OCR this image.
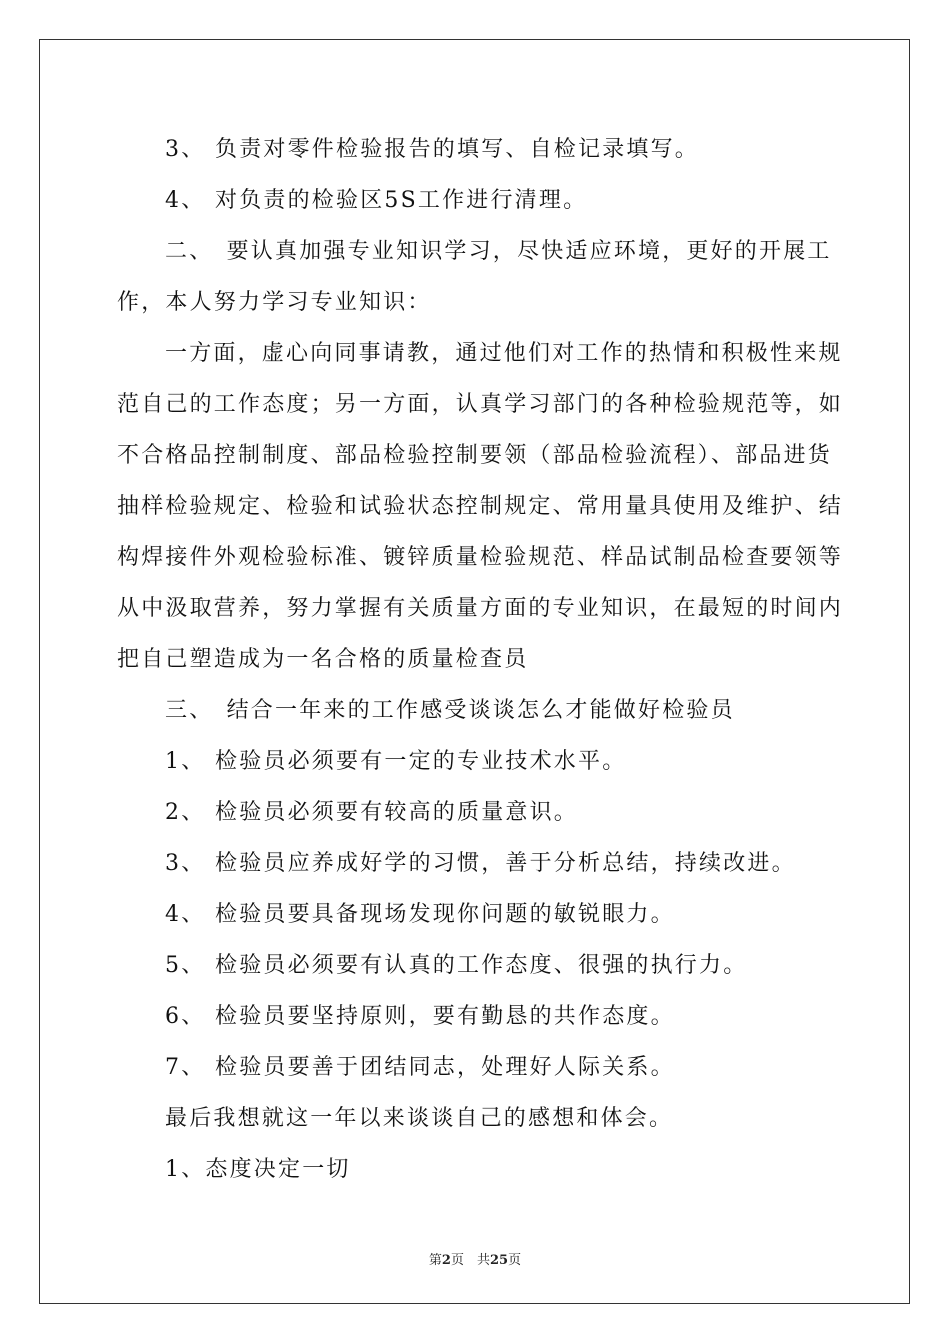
3、 负责对零件检验报告的填写、自检记录填写。
4、 对负责的检验区5S工作进行清理。
二、　要认真加强专业知识学习，尽快适应环境，更好的开展工
作，本人努力学习专业知识：
一方面，虚心向同事请教，通过他们对工作的热情和积极性来规
范自己的工作态度；另一方面，认真学习部门的各种检验规范等，如
不合格品控制制度、部品检验控制要领（部品检验流程）、部品进货
抽样检验规定、检验和试验状态控制规定、常用量具使用及维护、结
构焊接件外观检验标准、镀锌质量检验规范、样品试制品检查要领等
从中汲取营养，努力掌握有关质量方面的专业知识，在最短的时间内
把自己塑造成为一名合格的质量检查员
三、　结合一年来的工作感受谈谈怎么才能做好检验员
1、 检验员必须要有一定的专业技术水平。
2、 检验员必须要有较高的质量意识。
3、 检验员应养成好学的习惯，善于分析总结，持续改进。
4、 检验员要具备现场发现你问题的敏锐眼力。
5、 检验员必须要有认真的工作态度、很强的执行力。
6、 检验员要坚持原则，要有勤恳的共作态度。
7、 检验员要善于团结同志，处理好人际关系。
最后我想就这一年以来谈谈自己的感想和体会。
1、态度决定一切
第2页　共25页
